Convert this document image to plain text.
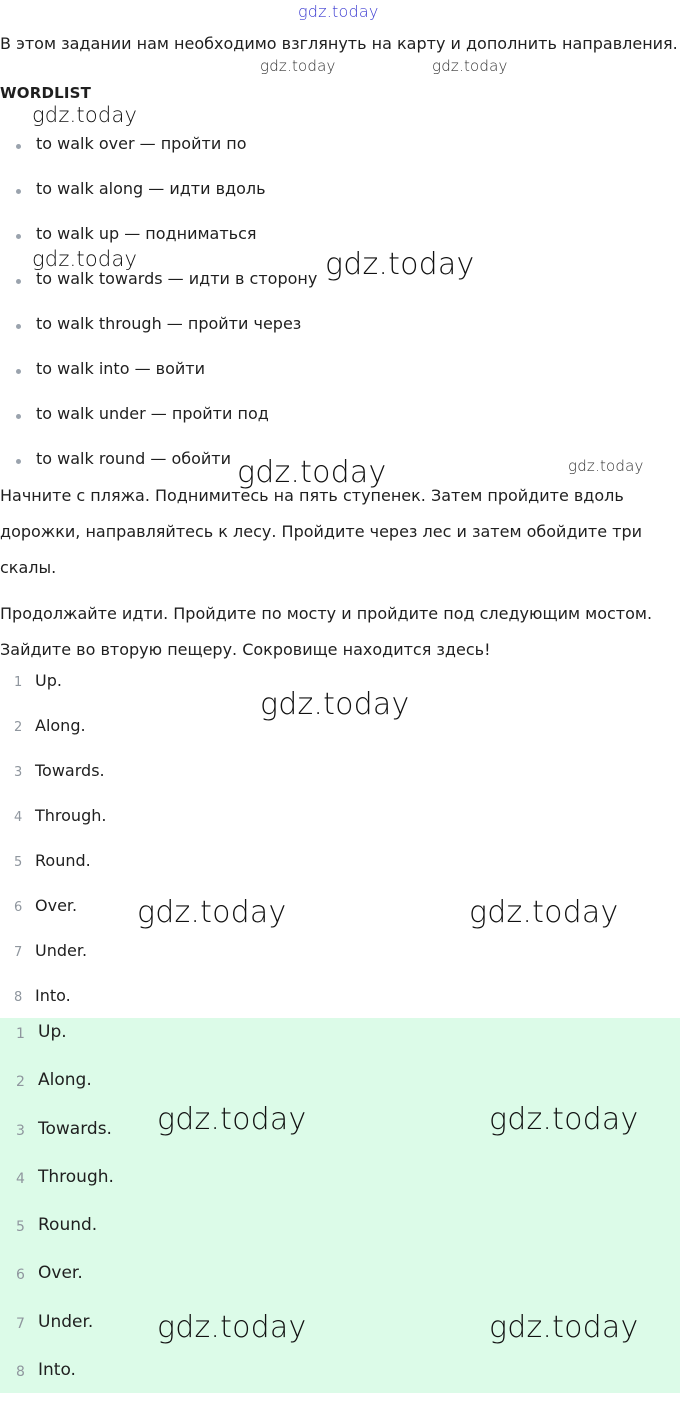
В этом задании нам необходимо взглянуть на карту и дополнить направления.
WORDLIST
to walk over — пройти по
to walk along — идти вдоль
to walk up — подниматься
to walk towards — идти в сторону
to walk through — пройти через
to walk into — войти
to walk under — пройти под
to walk round — обойти
Начните с пляжа. Поднимитесь на пять ступенек. Затем пройдите вдоль
дорожки, направляйтесь к лесу. Пройдите через лес и затем обойдите три
скалы.
Продолжайте идти. Пройдите по мосту и пройдите под следующим мостом.
Зайдите во вторую пещеру. Сокровище находится здесь!
1 Up.
2 Along.
3 Towards.
4 Through.
5 Round.
6 Over.
7 Under.
8 Into.
1 Up.
2 Along.
3 Towards.
4 Through.
5 Round.
6 Over.
7 Under.
8 Into.
gdz.today
gdz.today	gdz.today
gdz.today
gdz.today	gdz.today
gdz.today	gdz.today
gdz.today
gdz.today	gdz.today
gdz.today	gdz.today
gdz.today	gdz.today
